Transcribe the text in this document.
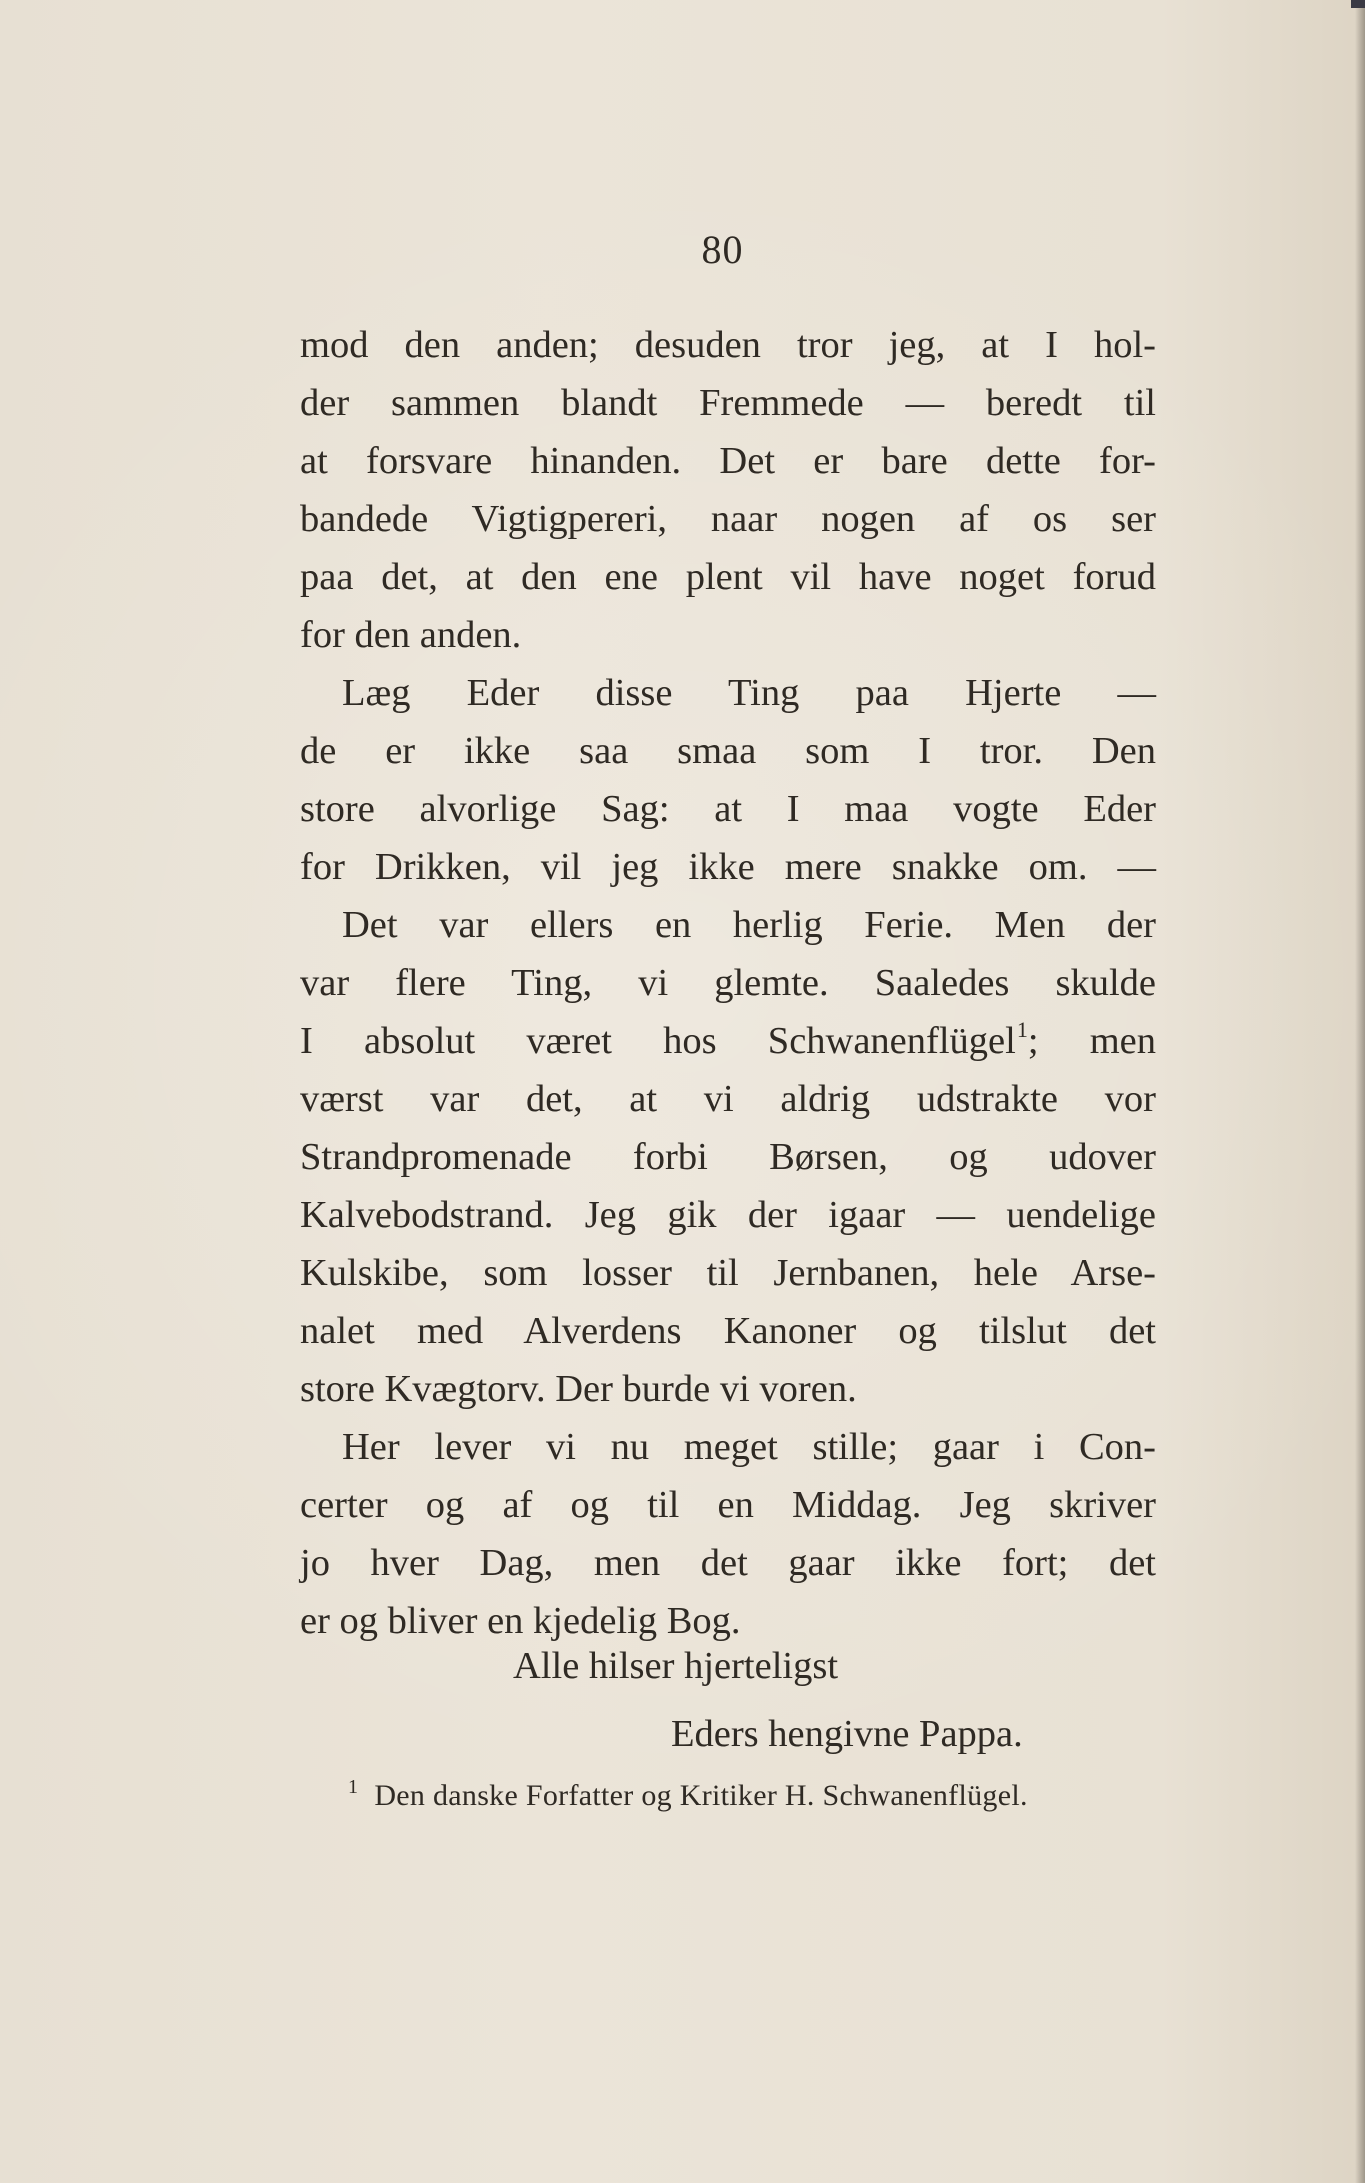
80
mod den anden; desuden tror jeg, at I hol-
der sammen blandt Fremmede — beredt til
at forsvare hinanden. Det er bare dette for-
bandede Vigtigpereri, naar nogen af os ser
paa det, at den ene plent vil have noget forud
for den anden.
Læg Eder disse Ting paa Hjerte —
de er ikke saa smaa som I tror. Den
store alvorlige Sag: at I maa vogte Eder
for Drikken, vil jeg ikke mere snakke om. —
Det var ellers en herlig Ferie. Men der
var flere Ting, vi glemte. Saaledes skulde
I absolut været hos Schwanenflügel$^1$; men
værst var det, at vi aldrig udstrakte vor
Strandpromenade forbi Børsen, og udover
Kalvebodstrand. Jeg gik der igaar — uendelige
Kulskibe, som losser til Jernbanen, hele Arse-
nalet med Alverdens Kanoner og tilslut det
store Kvægtorv. Der burde vi voren.
Her lever vi nu meget stille; gaar i Con-
certer og af og til en Middag. Jeg skriver
jo hver Dag, men det gaar ikke fort; det
er og bliver en kjedelig Bog.
Alle hilser hjerteligst
Eders hengivne Pappa.
$^1$ Den danske Forfatter og Kritiker H. Schwanenflügel.
